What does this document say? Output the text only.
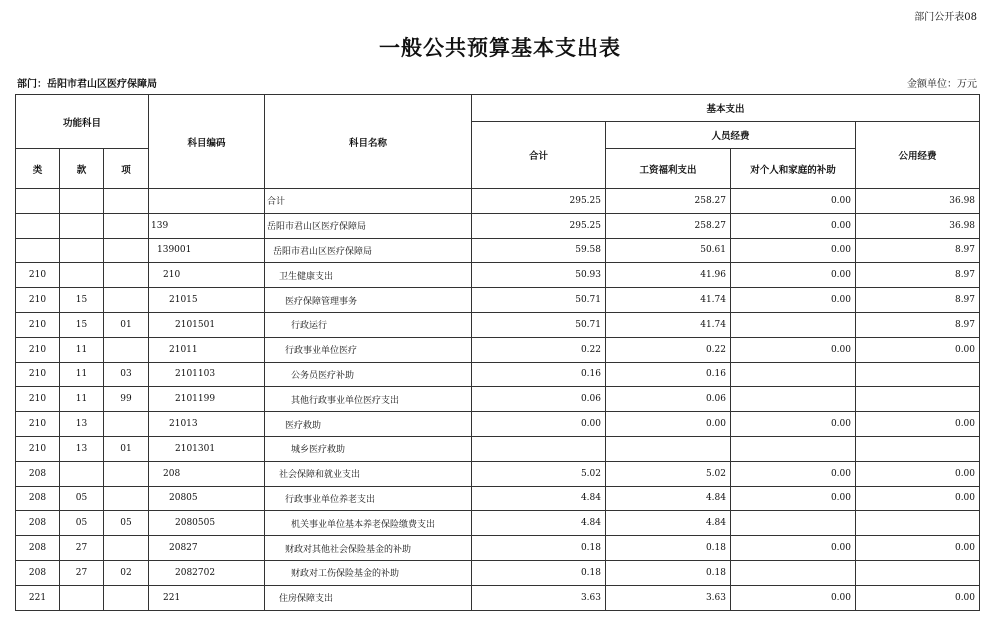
部门公开表08
一般公共预算基本支出表
部门：岳阳市君山区医疗保障局	金额单位：万元
功能科目			科目编码	科目名称	基本支出			
					合计	人员经费		公用经费
类	款	项				工资福利支出	对个人和家庭的补助	
				合计	295.25	258.27	0.00	36.98
			139	岳阳市君山区医疗保障局	295.25	258.27	0.00	36.98
			139001	岳阳市君山区医疗保障局	59.58	50.61	0.00	8.97
210			210	卫生健康支出	50.93	41.96	0.00	8.97
210	15		21015	医疗保障管理事务	50.71	41.74	0.00	8.97
210	15	01	2101501	行政运行	50.71	41.74		8.97
210	11		21011	行政事业单位医疗	0.22	0.22	0.00	0.00
210	11	03	2101103	公务员医疗补助	0.16	0.16		
210	11	99	2101199	其他行政事业单位医疗支出	0.06	0.06		
210	13		21013	医疗救助	0.00	0.00	0.00	0.00
210	13	01	2101301	城乡医疗救助				
208			208	社会保障和就业支出	5.02	5.02	0.00	0.00
208	05		20805	行政事业单位养老支出	4.84	4.84	0.00	0.00
208	05	05	2080505	机关事业单位基本养老保险缴费支出	4.84	4.84		
208	27		20827	财政对其他社会保险基金的补助	0.18	0.18	0.00	0.00
208	27	02	2082702	财政对工伤保险基金的补助	0.18	0.18		
221			221	住房保障支出	3.63	3.63	0.00	0.00
